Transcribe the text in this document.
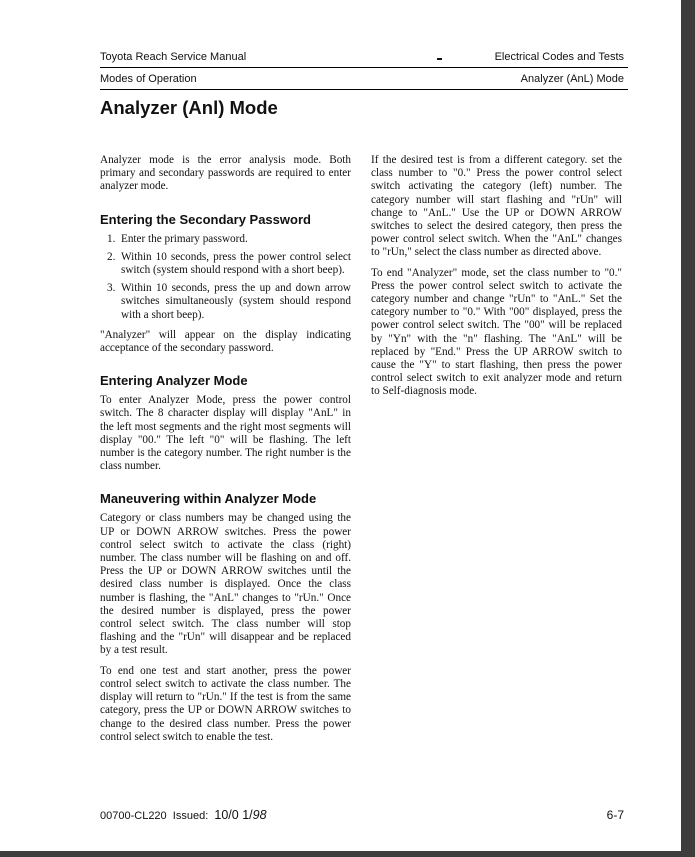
Toyota Reach Service Manual	Electrical Codes and Tests
Modes of Operation	Analyzer (AnL) Mode
Analyzer (Anl) Mode

Analyzer mode is the error analysis mode. Both primary and secondary passwords are required to enter analyzer mode.

Entering the Secondary Password
1. Enter the primary password.
2. Within 10 seconds, press the power control select switch (system should respond with a short beep).
3. Within 10 seconds, press the up and down arrow switches simultaneously (system should respond with a short beep).

"Analyzer" will appear on the display indicating acceptance of the secondary password.

Entering Analyzer Mode

To enter Analyzer Mode, press the power control switch. The 8 character display will display "AnL" in the left most segments and the right most segments will display "00." The left "0" will be flashing. The left number is the category number. The right number is the class number.

Maneuvering within Analyzer Mode

Category or class numbers may be changed using the UP or DOWN ARROW switches. Press the power control select switch to activate the class (right) number. The class number will be flashing on and off. Press the UP or DOWN ARROW switches until the desired class number is displayed. Once the class number is flashing, the "AnL" changes to "rUn." Once the desired number is displayed, press the power control select switch. The class number will stop flashing and the "rUn" will disappear and be replaced by a test result.

To end one test and start another, press the power control select switch to activate the class number. The display will return to "rUn." If the test is from the same category, press the UP or DOWN ARROW switches to change to the desired class number. Press the power control select switch to enable the test.

If the desired test is from a different category. set the class number to "0." Press the power control select switch activating the category (left) number. The category number will start flashing and "rUn" will change to "AnL." Use the UP or DOWN ARROW switches to select the desired category, then press the power control select switch. When the "AnL" changes to "rUn," select the class number as directed above.

To end "Analyzer" mode, set the class number to "0." Press the power control select switch to activate the category number and change "rUn" to "AnL." Set the category number to "0." With "00" displayed, press the power control select switch. The "00" will be replaced by "Yn" with the "n" flashing. The "AnL" will be replaced by "End." Press the UP ARROW switch to cause the "Y" to start flashing, then press the power control select switch to exit analyzer mode and return to Self-diagnosis mode.

00700-CL220 Issued: 10/0 1/98	6-7
